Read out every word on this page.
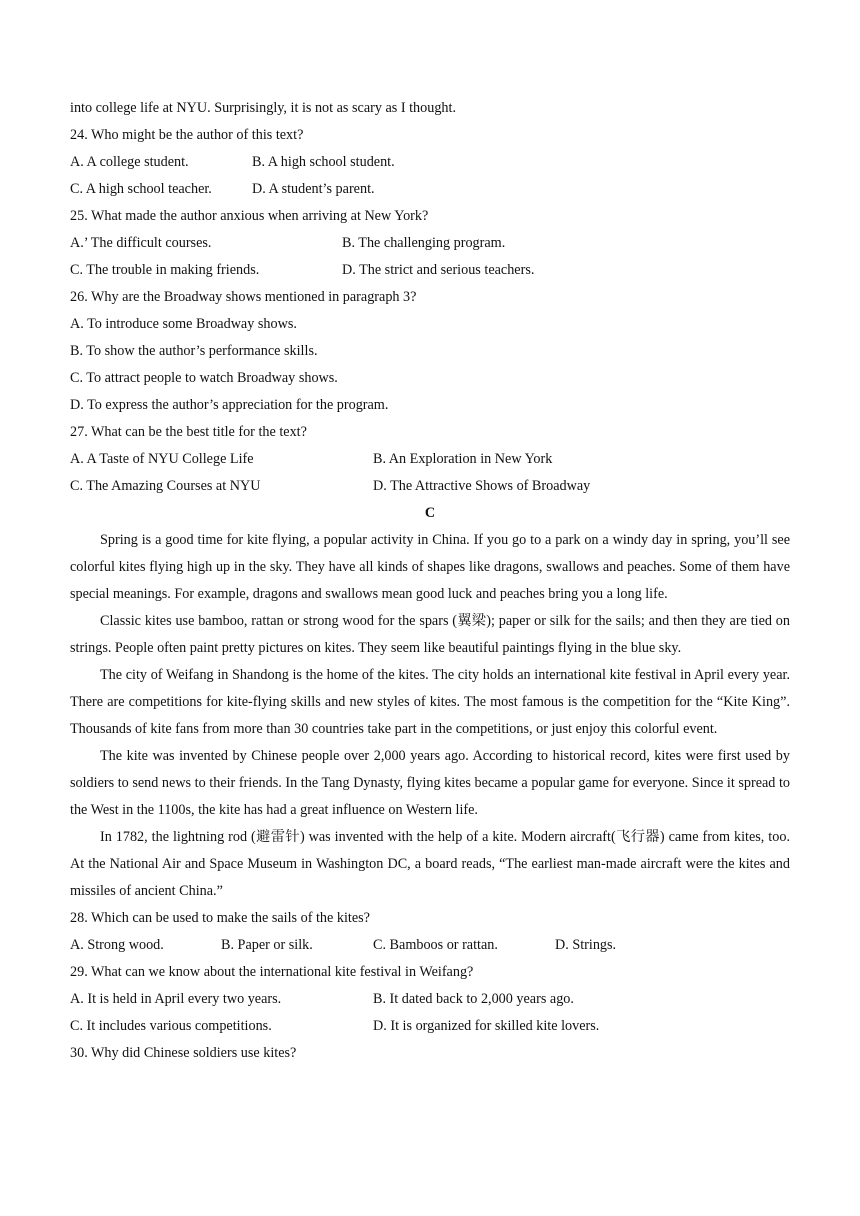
into college life at NYU. Surprisingly, it is not as scary as I thought.
24. Who might be the author of this text?
A. A college student.	B. A high school student.
C. A high school teacher.	D. A student’s parent.
25. What made the author anxious when arriving at New York?
A.’ The difficult courses.	B. The challenging program.
C. The trouble in making friends.	D. The strict and serious teachers.
26. Why are the Broadway shows mentioned in paragraph 3?
A. To introduce some Broadway shows.
B. To show the author’s performance skills.
C. To attract people to watch Broadway shows.
D. To express the author’s appreciation for the program.
27. What can be the best title for the text?
A. A Taste of NYU College Life	B. An Exploration in New York
C. The Amazing Courses at NYU	D. The Attractive Shows of Broadway
C

Spring is a good time for kite flying, a popular activity in China. If you go to a park on a windy day in spring, you’ll see colorful kites flying high up in the sky. They have all kinds of shapes like dragons, swallows and peaches. Some of them have special meanings. For example, dragons and swallows mean good luck and peaches bring you a long life.

Classic kites use bamboo, rattan or strong wood for the spars (翼梁); paper or silk for the sails; and then they are tied on strings. People often paint pretty pictures on kites. They seem like beautiful paintings flying in the blue sky.

The city of Weifang in Shandong is the home of the kites. The city holds an international kite festival in April every year. There are competitions for kite-flying skills and new styles of kites. The most famous is the competition for the “Kite King”. Thousands of kite fans from more than 30 countries take part in the competitions, or just enjoy this colorful event.

The kite was invented by Chinese people over 2,000 years ago. According to historical record, kites were first used by soldiers to send news to their friends. In the Tang Dynasty, flying kites became a popular game for everyone. Since it spread to the West in the 1100s, the kite has had a great influence on Western life.

In 1782, the lightning rod (避雷针) was invented with the help of a kite. Modern aircraft(飞行器) came from kites, too. At the National Air and Space Museum in Washington DC, a board reads, “The earliest man-made aircraft were the kites and missiles of ancient China.”

28. Which can be used to make the sails of the kites?
A. Strong wood.	B. Paper or silk.	C. Bamboos or rattan.	D. Strings.
29. What can we know about the international kite festival in Weifang?
A. It is held in April every two years.	B. It dated back to 2,000 years ago.
C. It includes various competitions.	D. It is organized for skilled kite lovers.
30. Why did Chinese soldiers use kites?
